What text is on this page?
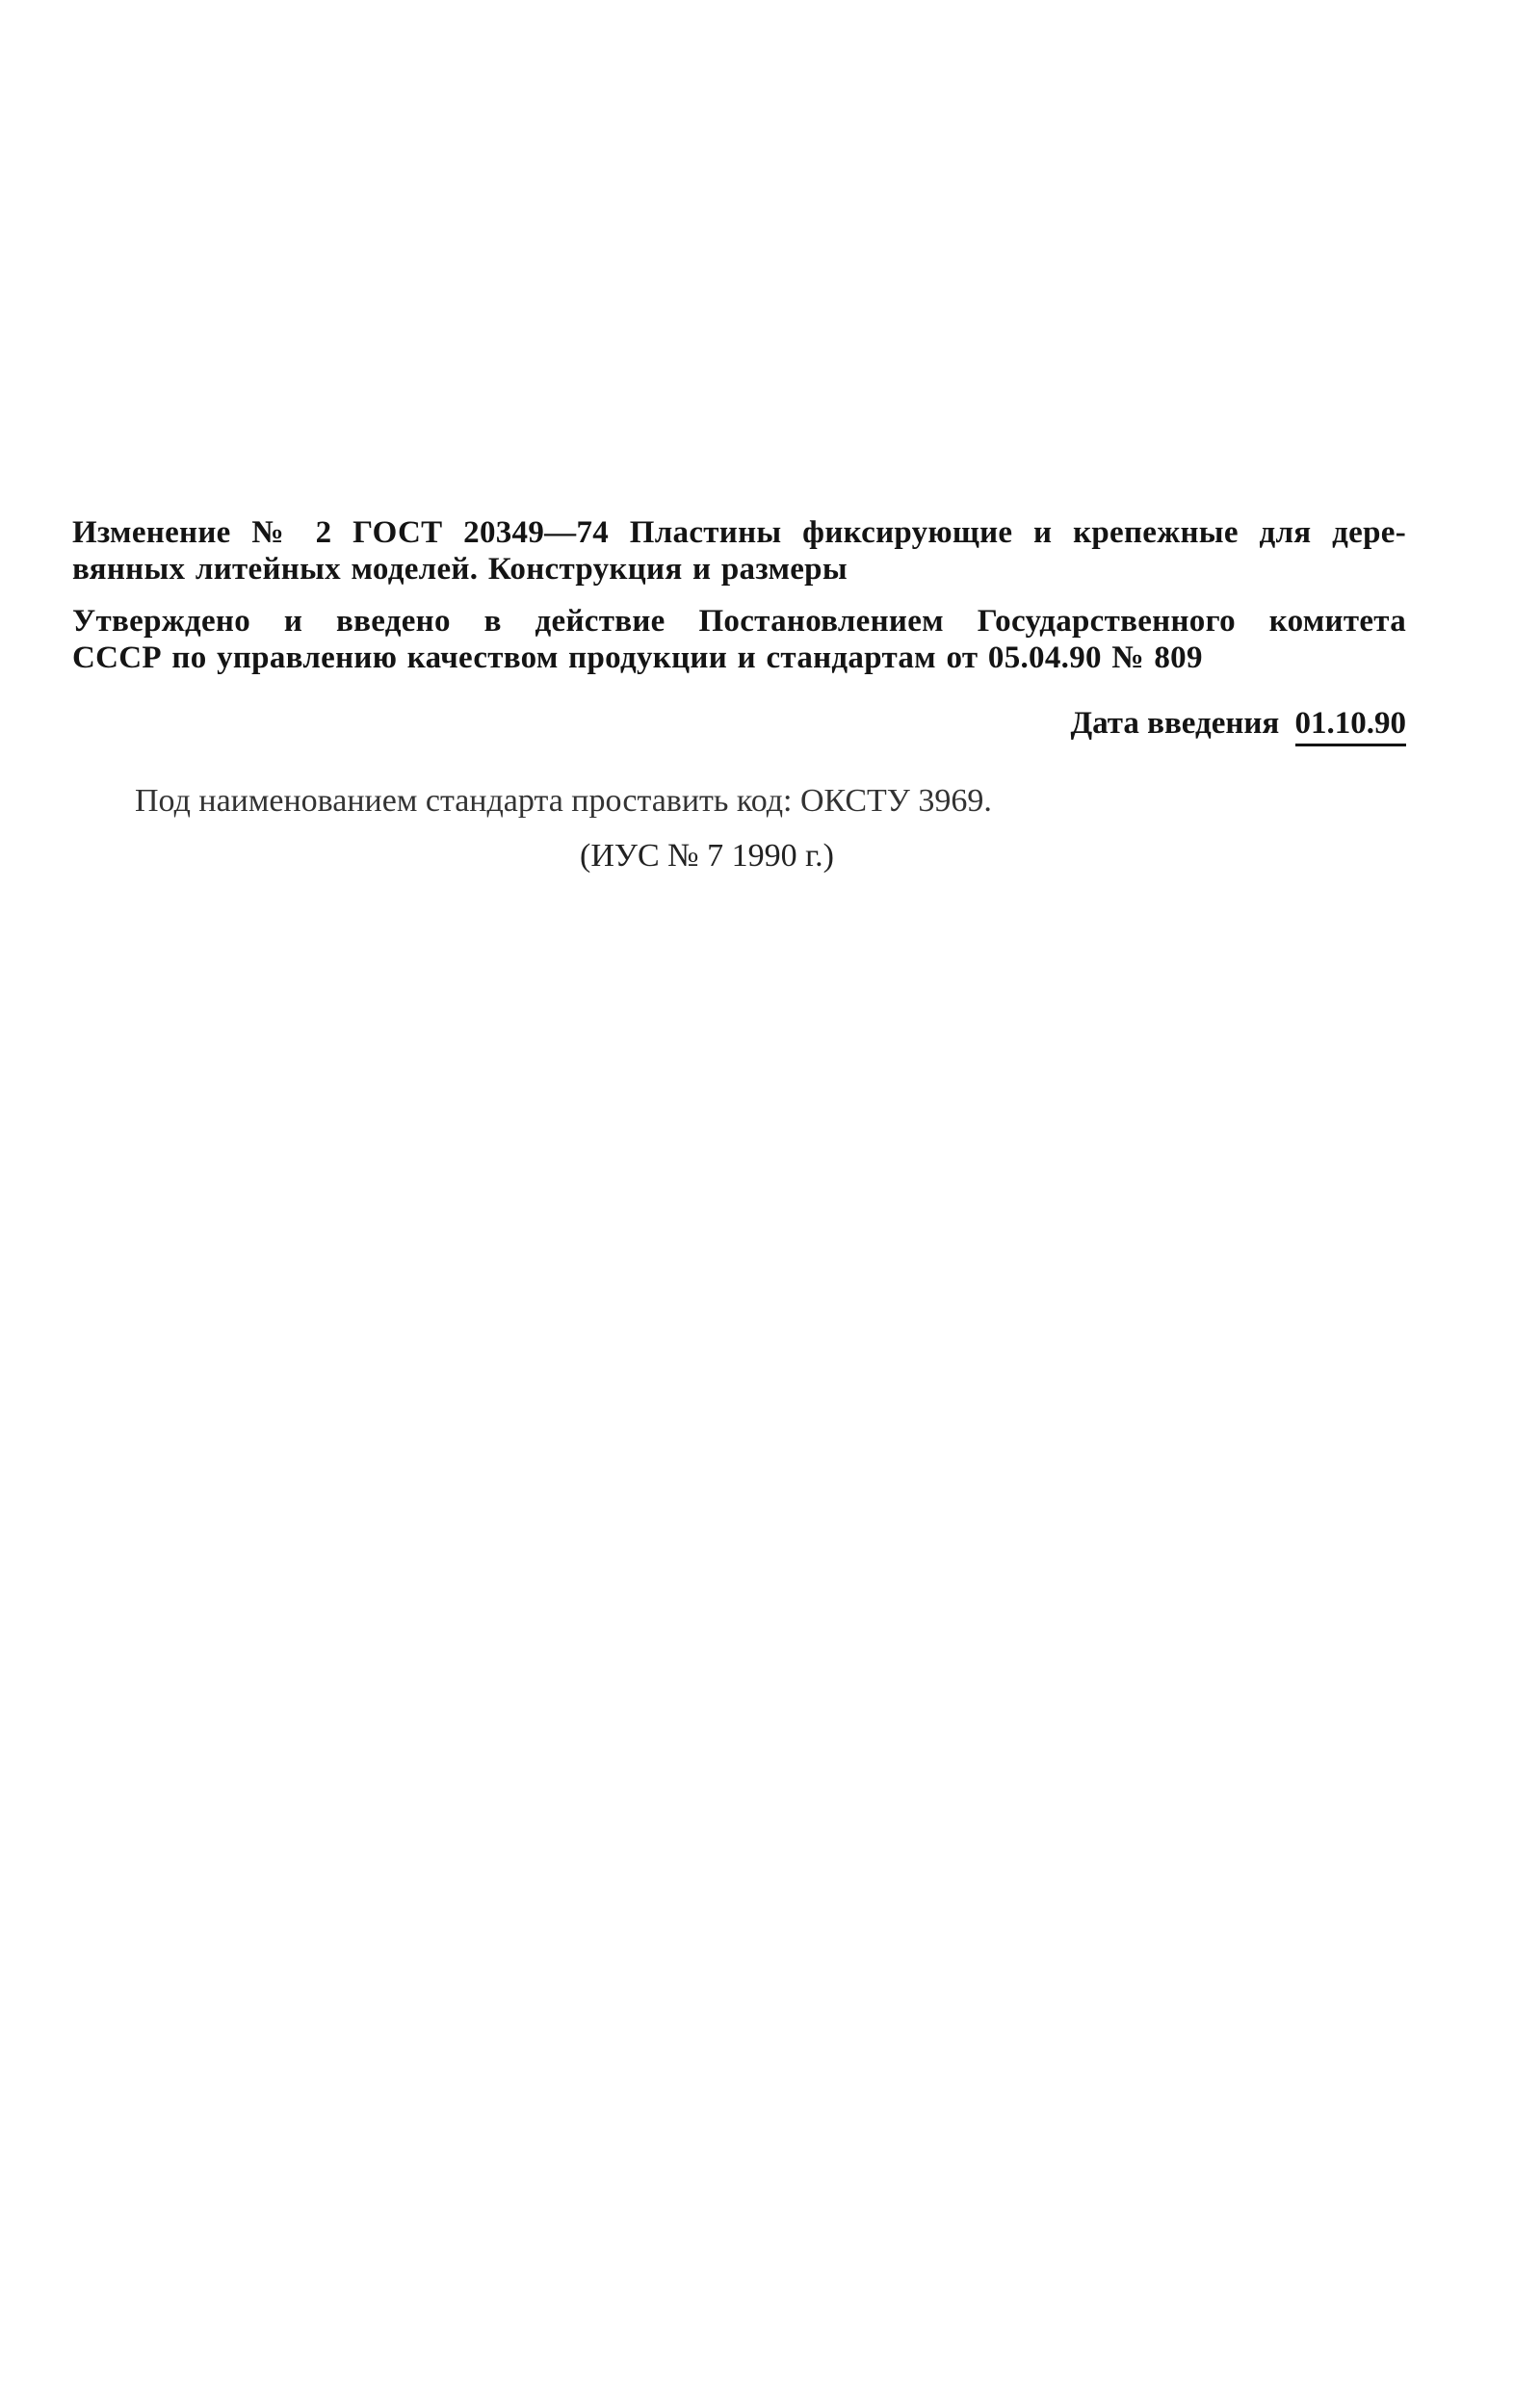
Изменение № 2 ГОСТ 20349—74 Пластины фиксирующие и крепежные для дере-
вянных литейных моделей. Конструкция и размеры
Утверждено и введено в действие Постановлением Государственного комитета
СССР по управлению качеством продукции и стандартам от 05.04.90 № 809
Дата введения 01.10.90
Под наименованием стандарта проставить код: ОКСТУ 3969.
(ИУС № 7 1990 г.)
